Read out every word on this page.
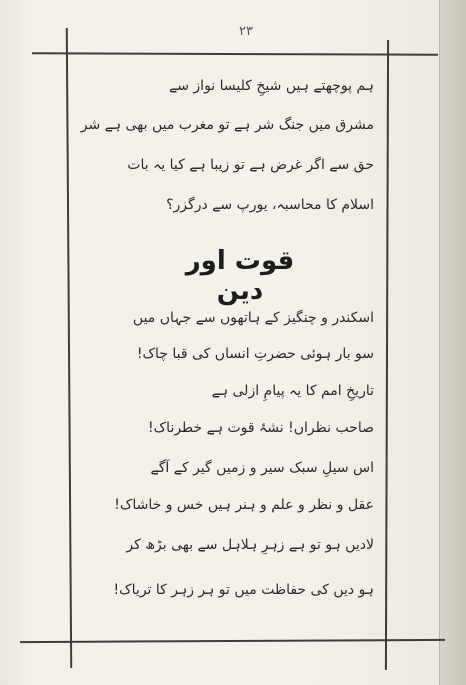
۲۳
ہم پوچھتے ہیں شیخِ کلیسا نواز سے
مشرق میں جنگ شر ہے تو مغرب میں بھی ہے شر
حق سے اگر غرض ہے تو زیبا ہے کیا یہ بات
اسلام کا محاسبہ، یورپ سے درگزر؟
قوت اور دین
اسکندر و چنگیز کے ہاتھوں سے جہاں میں
سو بار ہوئی حضرتِ انساں کی قبا چاک!
تاریخِ امم کا یہ پیامِ ازلی ہے
صاحب نظراں! نشۂ قوت ہے خطرناک!
اس سیلِ سبک سیر و زمیں گیر کے آگے
عقل و نظر و علم و ہنر ہیں خس و خاشاک!
لادیں ہو تو ہے زہرِ ہلاہل سے بھی بڑھ کر
ہو دیں کی حفاظت میں تو ہر زہر کا تریاک!
